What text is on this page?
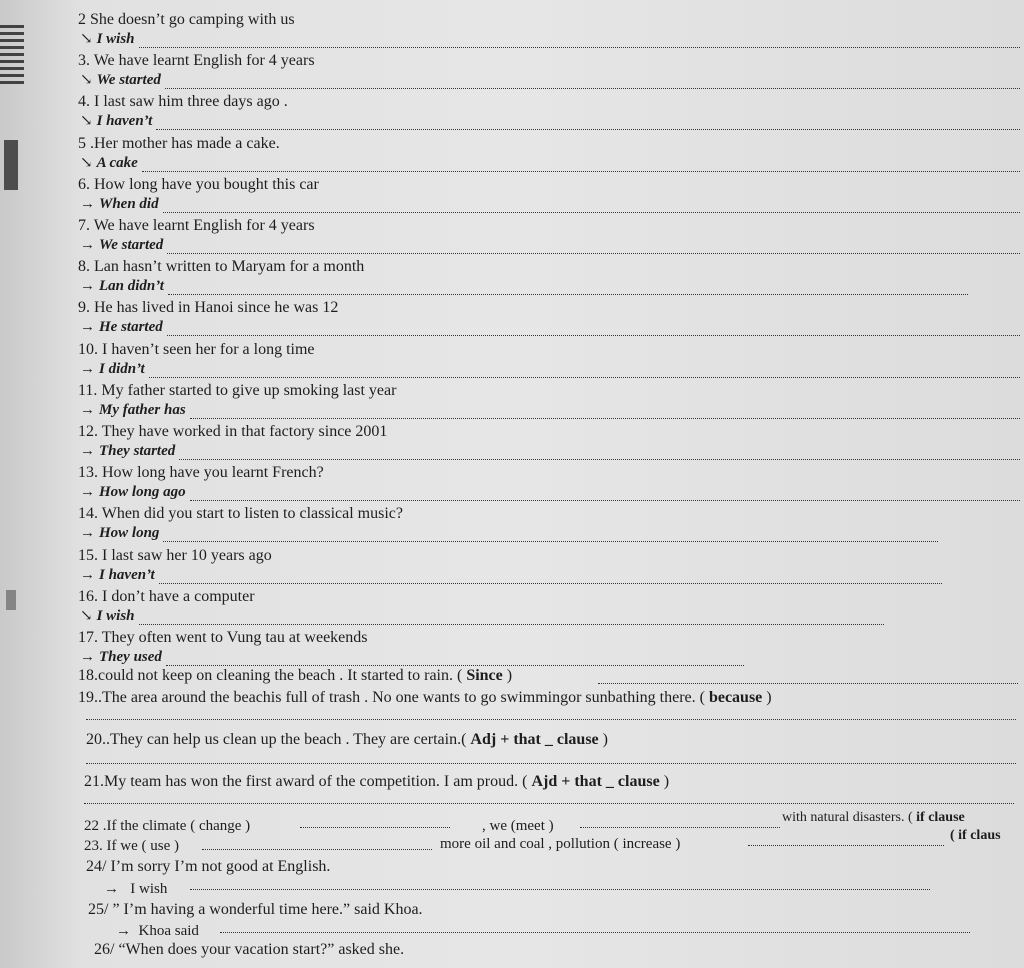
2 She doesn’t go camping with us
↘ I wish
3. We have learnt English for 4 years
↘ We started
4. I last saw him three days ago .
↘ I haven’t
5 .Her mother has made a cake.
↘ A cake
6. How long have you bought this car
→ When did
7. We have learnt English for 4 years
→ We started
8. Lan hasn’t written to Maryam for a month
→ Lan didn’t
9. He has lived in Hanoi since he was 12
→ He started
10. I haven’t seen her for a long time
→ I didn’t
11. My father started to give up smoking last year
→ My father has
12. They have worked in that factory since 2001
→ They started
13. How long have you learnt French?
→ How long ago
14. When did you start to listen to classical music?
→ How long
15. I last saw her 10 years ago
→ I haven’t
16. I don’t have a computer
↘ I wish
17. They often went to Vung tau at weekends
→ They used
18.could not keep on cleaning the beach . It started to rain. ( Since )
19..The area around the beachis full of trash . No one wants to go swimmingor sunbathing there. ( because )
20..They can help us clean up the beach . They are certain.( Adj + that _ clause )
21.My team has won the first award of the competition. I am proud. ( Ajd + that _ clause )
22 .If the climate ( change )	, we (meet )
with natural disasters. ( if clause
23. If we ( use )	more oil and coal , pollution ( increase )
( if claus
24/ I’m sorry I’m not good at English.
→ I wish
25/ ” I’m having a wonderful time here.” said Khoa.
→ Khoa said
26/ “When does your vacation start?” asked she.
